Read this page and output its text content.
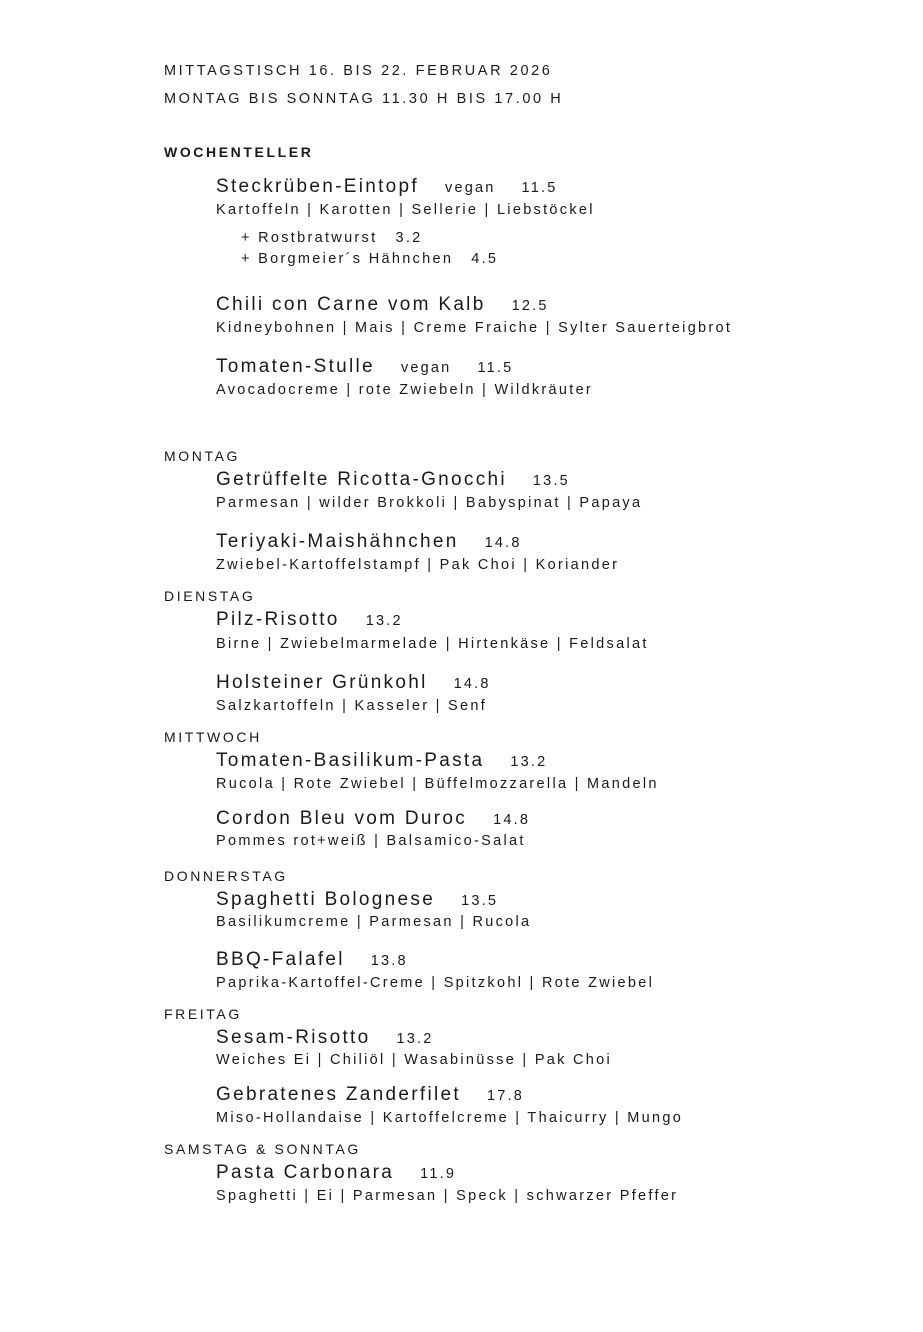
MITTAGSTISCH 16. BIS 22. FEBRUAR 2026
MONTAG BIS SONNTAG 11.30 H BIS 17.00 H
WOCHENTELLER
Steckrüben-Eintopf vegan 11.5
Kartoffeln | Karotten | Sellerie | Liebstöckel
+ Rostbratwurst 3.2
+ Borgmeier´s Hähnchen 4.5
Chili con Carne vom Kalb 12.5
Kidneybohnen | Mais | Creme Fraiche | Sylter Sauerteigbrot
Tomaten-Stulle vegan 11.5
Avocadocreme | rote Zwiebeln | Wildkräuter
MONTAG
Getrüffelte Ricotta-Gnocchi 13.5
Parmesan | wilder Brokkoli | Babyspinat | Papaya
Teriyaki-Maishähnchen 14.8
Zwiebel-Kartoffelstampf | Pak Choi | Koriander
DIENSTAG
Pilz-Risotto 13.2
Birne | Zwiebelmarmelade | Hirtenkäse | Feldsalat
Holsteiner Grünkohl 14.8
Salzkartoffeln | Kasseler | Senf
MITTWOCH
Tomaten-Basilikum-Pasta 13.2
Rucola | Rote Zwiebel | Büffelmozzarella | Mandeln
Cordon Bleu vom Duroc 14.8
Pommes rot+weiß | Balsamico-Salat
DONNERSTAG
Spaghetti Bolognese 13.5
Basilikumcreme | Parmesan | Rucola
BBQ-Falafel 13.8
Paprika-Kartoffel-Creme | Spitzkohl | Rote Zwiebel
FREITAG
Sesam-Risotto 13.2
Weiches Ei | Chiliöl | Wasabinüsse | Pak Choi
Gebratenes Zanderfilet 17.8
Miso-Hollandaise | Kartoffelcreme | Thaicurry | Mungo
SAMSTAG & SONNTAG
Pasta Carbonara 11.9
Spaghetti | Ei | Parmesan | Speck | schwarzer Pfeffer
